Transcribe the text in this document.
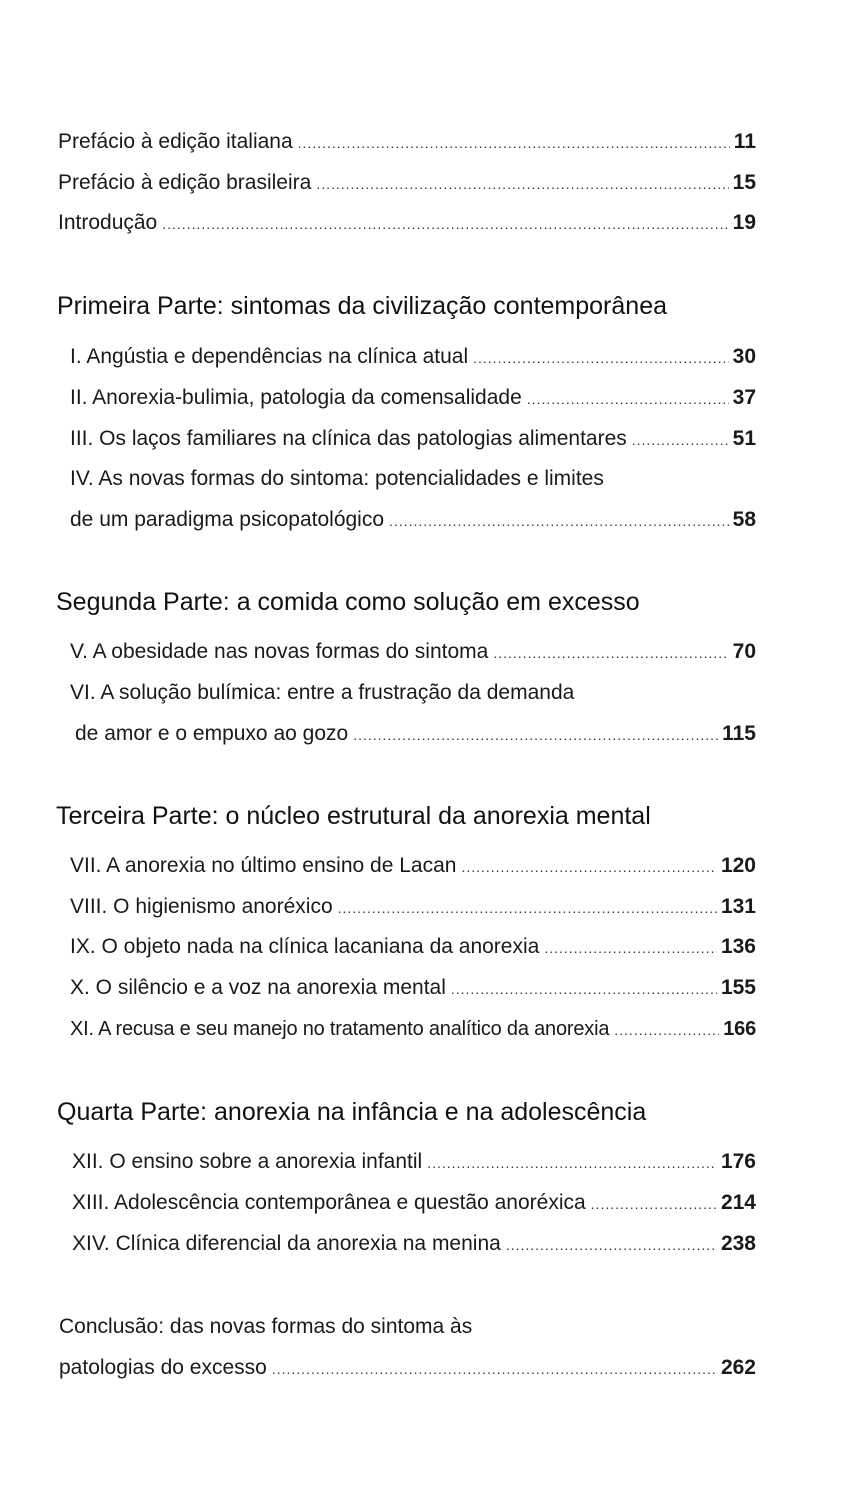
Prefácio à edição italiana .....	11
Prefácio à edição brasileira .....	15
Introdução .....	19
Primeira Parte: sintomas da civilização contemporânea
I. Angústia e dependências na clínica atual .....	30
II. Anorexia-bulimia, patologia da comensalidade .....	37
III. Os laços familiares na clínica das patologias alimentares .....	51
IV. As novas formas do sintoma: potencialidades e limites
de um paradigma psicopatológico .....	58
Segunda Parte: a comida como solução em excesso
V. A obesidade nas novas formas do sintoma .....	70
VI. A solução bulímica: entre a frustração da demanda
de amor e o empuxo ao gozo .....	115
Terceira Parte: o núcleo estrutural da anorexia mental
VII. A anorexia no último ensino de Lacan .....	120
VIII. O higienismo anoréxico .....	131
IX. O objeto nada na clínica lacaniana da anorexia .....	136
X. O silêncio e a voz na anorexia mental .....	155
XI. A recusa e seu manejo no tratamento analítico da anorexia .....	166
Quarta Parte: anorexia na infância e na adolescência
XII. O ensino sobre a anorexia infantil .....	176
XIII. Adolescência contemporânea e questão anoréxica .....	214
XIV. Clínica diferencial da anorexia na menina .....	238
Conclusão: das novas formas do sintoma às
patologias do excesso .....	262
